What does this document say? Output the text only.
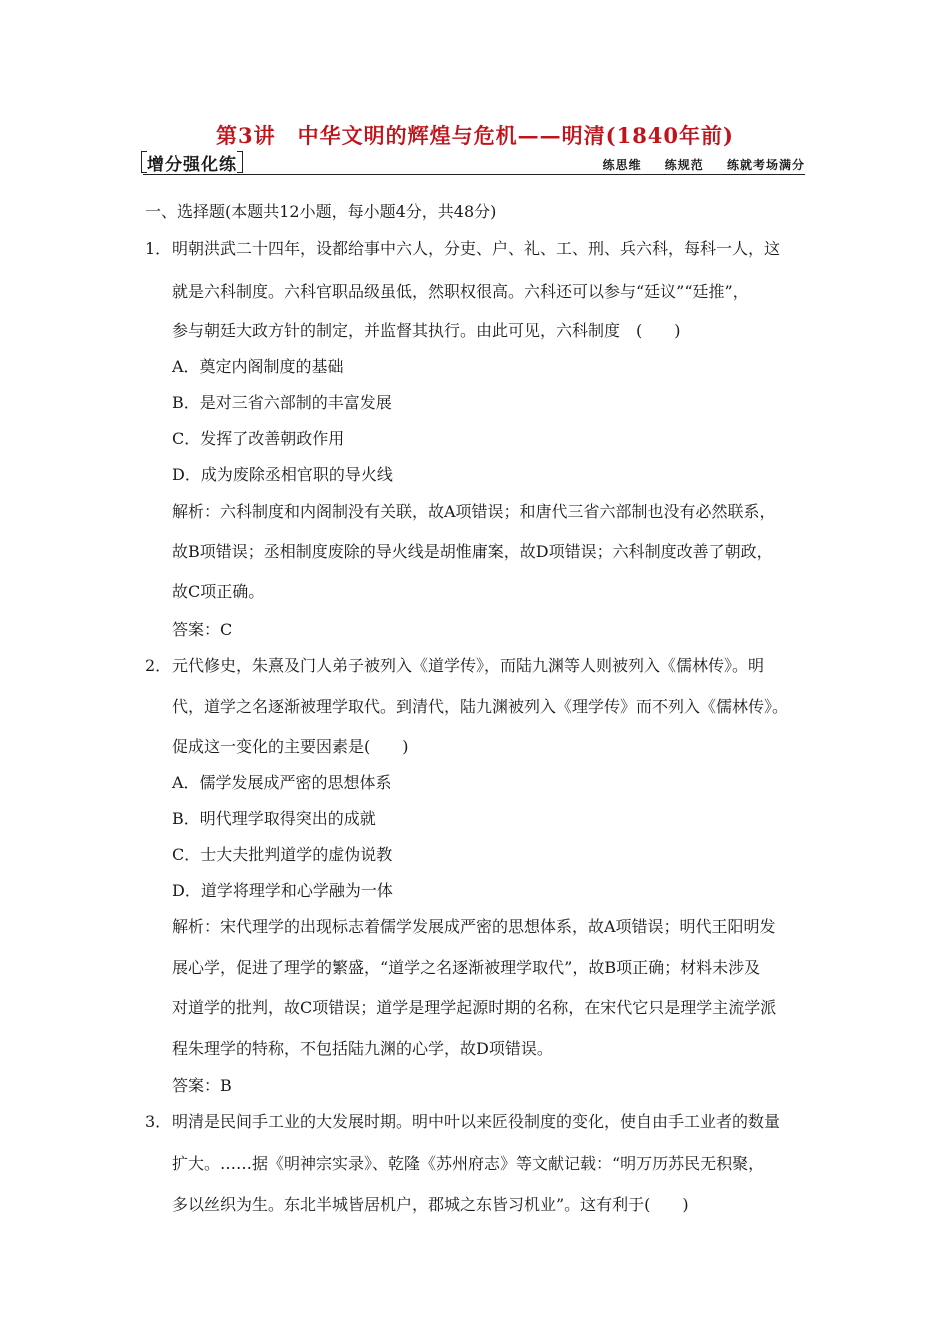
第3讲　中华文明的辉煌与危机——明清(1840年前)
增分强化练	练思维 练规范 练就考场满分
一、选择题(本题共12小题，每小题4分，共48分)
1． 明朝洪武二十四年，设都给事中六人，分吏、户、礼、工、刑、兵六科，每科一人，这
就是六科制度。六科官职品级虽低，然职权很高。六科还可以参与“廷议”“廷推”，
参与朝廷大政方针的制定，并监督其执行。由此可见，六科制度　(　　)
A．奠定内阁制度的基础
B．是对三省六部制的丰富发展
C．发挥了改善朝政作用
D．成为废除丞相官职的导火线
解析：六科制度和内阁制没有关联，故A项错误；和唐代三省六部制也没有必然联系，
故B项错误；丞相制度废除的导火线是胡惟庸案，故D项错误；六科制度改善了朝政，
故C项正确。
答案：C
2． 元代修史，朱熹及门人弟子被列入《道学传》，而陆九渊等人则被列入《儒林传》。明
代，道学之名逐渐被理学取代。到清代，陆九渊被列入《理学传》而不列入《儒林传》。
促成这一变化的主要因素是(　　)
A．儒学发展成严密的思想体系
B．明代理学取得突出的成就
C．士大夫批判道学的虚伪说教
D．道学将理学和心学融为一体
解析：宋代理学的出现标志着儒学发展成严密的思想体系，故A项错误；明代王阳明发
展心学，促进了理学的繁盛，“道学之名逐渐被理学取代”，故B项正确；材料未涉及
对道学的批判，故C项错误；道学是理学起源时期的名称，在宋代它只是理学主流学派
程朱理学的特称，不包括陆九渊的心学，故D项错误。
答案：B
3． 明清是民间手工业的大发展时期。明中叶以来匠役制度的变化，使自由手工业者的数量
扩大。……据《明神宗实录》、乾隆《苏州府志》等文献记载：“明万历苏民无积聚，
多以丝织为生。东北半城皆居机户，郡城之东皆习机业”。这有利于(　　)
